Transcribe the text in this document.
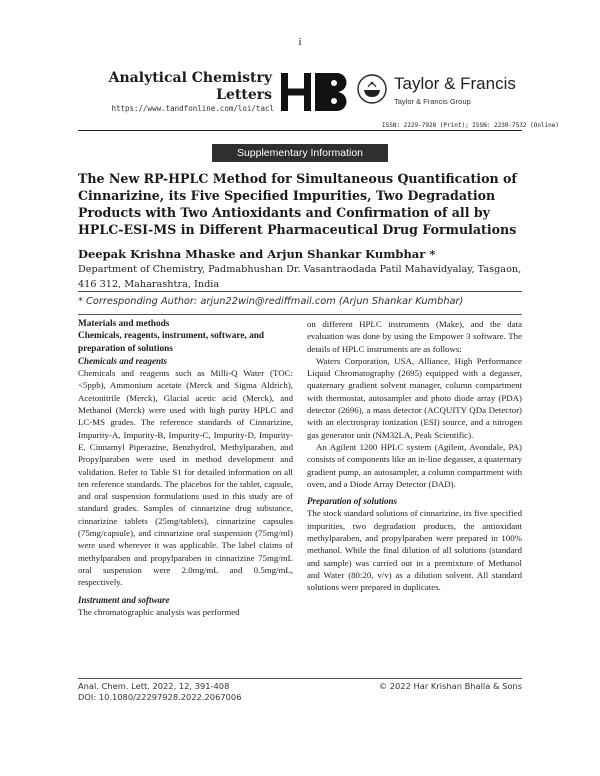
i
Analytical Chemistry
Letters
https://www.tandfonline.com/loi/tacl
Taylor & Francis
Taylor & Francis Group
ISSN: 2229-7928 (Print); ISSN: 2230-7532 (Online)
Supplementary Information
The New RP-HPLC Method for Simultaneous Quantification of Cinnarizine, its Five Specified Impurities, Two Degradation Products with Two Antioxidants and Confirmation of all by HPLC-ESI-MS in Different Pharmaceutical Drug Formulations
Deepak Krishna Mhaske and Arjun Shankar Kumbhar *
Department of Chemistry, Padmabhushan Dr. Vasantraodada Patil Mahavidyalay, Tasgaon, 416 312, Maharashtra, India
* Corresponding Author: arjun22win@rediffmail.com (Arjun Shankar Kumbhar)
Materials and methods
Chemicals, reagents, instrument, software, and preparation of solutions
Chemicals and reagents

Chemicals and reagents such as Milli-Q Water (TOC: <5ppb), Ammonium acetate (Merck and Sigma Aldrich), Acetonitrile (Merck), Glacial acetic acid (Merck), and Methanol (Merck) were used with high purity HPLC and LC-MS grades. The reference standards of Cinnarizine, Impurity-A, Impurity-B, Impurity-C, Impurity-D, Impurity-E, Cinnamyl Piperazine, Benzhydrol, Methylparaben, and Propylparaben were used in method development and validation. Refer to Table S1 for detailed information on all ten reference standards. The placebos for the tablet, capsule, and oral suspension formulations used in this study are of standard grades. Samples of cinnarizine drug substance, cinnarizine tablets (25mg/tablets), cinnarizine capsules (75mg/capsule), and cinnarizine oral suspension (75mg/ml) were used wherever it was applicable. The label claims of methylparaben and propylparaben in cinnarizine 75mg/mL oral suspension were 2.0mg/mL and 0.5mg/mL, respectively.

Instrument and software

The chromatographic analysis was performed

on different HPLC instruments (Make), and the data evaluation was done by using the Empower 3 software. The details of HPLC instruments are as follows:

Waters Corporation, USA, Alliance, High Performance Liquid Chromatography (2695) equipped with a degasser, quaternary gradient solvent manager, column compartment with thermostat, autosampler and photo diode array (PDA) detector (2696), a mass detector (ACQUITY QDa Detector) with an electrospray ionization (ESI) source, and a nitrogen gas generator unit (NM32LA, Peak Scientific).

An Agilent 1200 HPLC system (Agilent, Avondale, PA) consists of components like an in-line degasser, a quaternary gradient pump, an autosampler, a column compartment with oven, and a Diode Array Detector (DAD).

Preparation of solutions

The stock standard solutions of cinnarizine, its five specified impurities, two degradation products, the antioxidant methylparaben, and propylparaben were prepared in 100% methanol. While the final dilution of all solutions (standard and sample) was carried out in a premixture of Methanol and Water (80:20, v/v) as a dilution solvent. All standard solutions were prepared in duplicates.

Anal. Chem. Lett. 2022, 12, 391-408
DOI: 10.1080/22297928.2022.2067006
© 2022 Har Krishan Bhalla & Sons
